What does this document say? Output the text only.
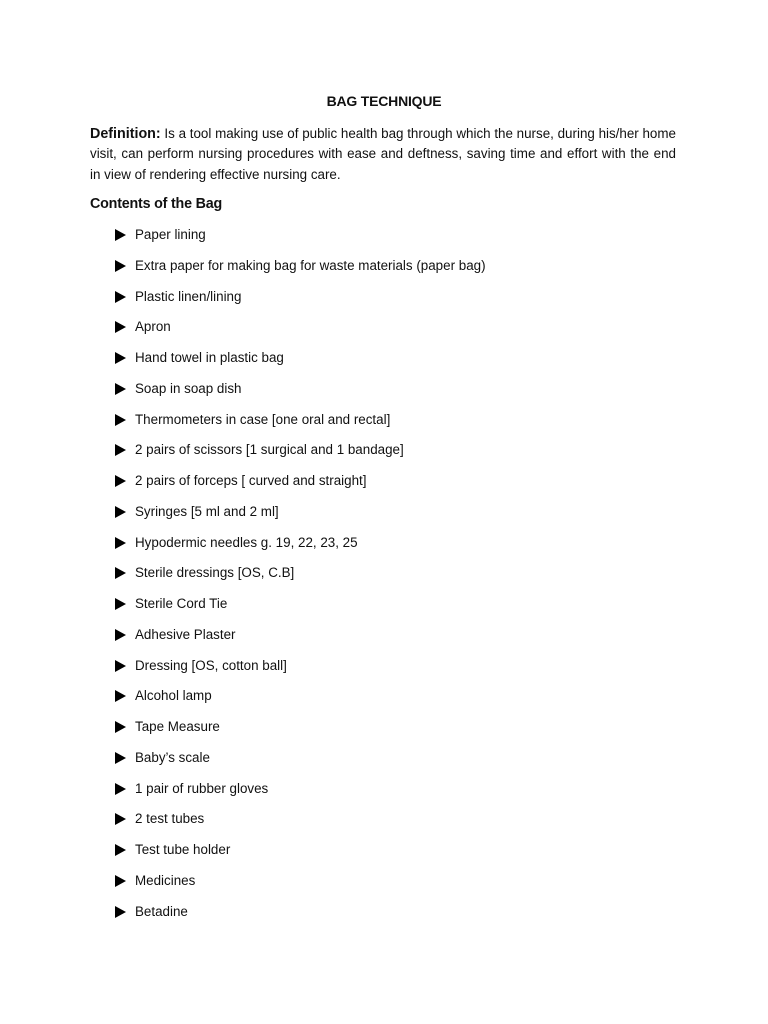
BAG TECHNIQUE
Definition: Is a tool making use of public health bag through which the nurse, during his/her home visit, can perform nursing procedures with ease and deftness, saving time and effort with the end in view of rendering effective nursing care.
Contents of the Bag
Paper lining
Extra paper for making bag for waste materials (paper bag)
Plastic linen/lining
Apron
Hand towel in plastic bag
Soap in soap dish
Thermometers in case [one oral and rectal]
2 pairs of scissors [1 surgical and 1 bandage]
2 pairs of forceps [ curved and straight]
Syringes [5 ml and 2 ml]
Hypodermic needles g. 19, 22, 23, 25
Sterile dressings [OS, C.B]
Sterile Cord Tie
Adhesive Plaster
Dressing [OS, cotton ball]
Alcohol lamp
Tape Measure
Baby’s scale
1 pair of rubber gloves
2 test tubes
Test tube holder
Medicines
Betadine
